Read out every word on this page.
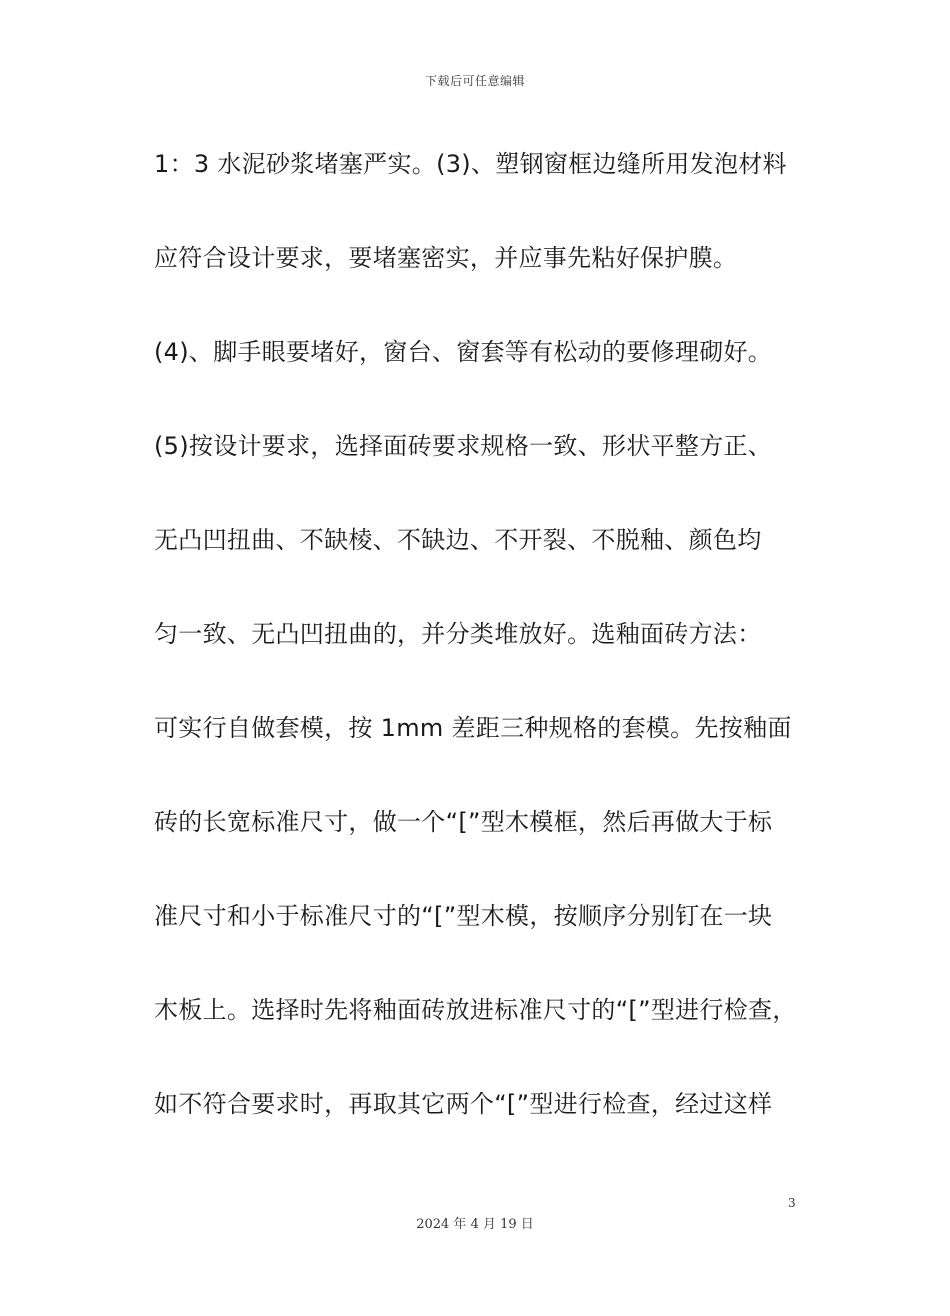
下载后可任意编辑
1：3 水泥砂浆堵塞严实。(3)、塑钢窗框边缝所用发泡材料
应符合设计要求，要堵塞密实，并应事先粘好保护膜。
(4)、脚手眼要堵好，窗台、窗套等有松动的要修理砌好。
(5)按设计要求，选择面砖要求规格一致、形状平整方正、
无凸凹扭曲、不缺棱、不缺边、不开裂、不脱釉、颜色均
匀一致、无凸凹扭曲的，并分类堆放好。选釉面砖方法：
可实行自做套模，按 1mm 差距三种规格的套模。先按釉面
砖的长宽标准尺寸，做一个“[”型木模框，然后再做大于标
准尺寸和小于标准尺寸的“[”型木模，按顺序分别钉在一块
木板上。选择时先将釉面砖放进标准尺寸的“[”型进行检查，
如不符合要求时，再取其它两个“[”型进行检查，经过这样
3
2024 年 4 月 19 日
